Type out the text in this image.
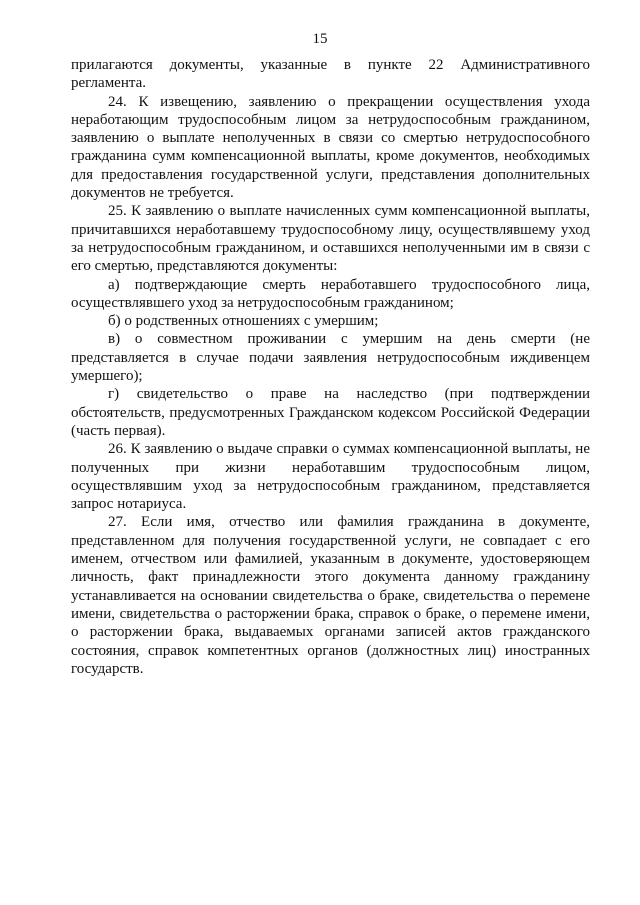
15

прилагаются документы, указанные в пункте 22 Административного регламента.

24. К извещению, заявлению о прекращении осуществления ухода неработающим трудоспособным лицом за нетрудоспособным гражданином, заявлению о выплате неполученных в связи со смертью нетрудоспособного гражданина сумм компенсационной выплаты, кроме документов, необходимых для предоставления государственной услуги, представления дополнительных документов не требуется.

25. К заявлению о выплате начисленных сумм компенсационной выплаты, причитавшихся неработавшему трудоспособному лицу, осуществлявшему уход за нетрудоспособным гражданином, и оставшихся неполученными им в связи с его смертью, представляются документы:

а) подтверждающие смерть неработавшего трудоспособного лица, осуществлявшего уход за нетрудоспособным гражданином;

б) о родственных отношениях с умершим;

в) о совместном проживании с умершим на день смерти (не представляется в случае подачи заявления нетрудоспособным иждивенцем умершего);

г) свидетельство о праве на наследство (при подтверждении обстоятельств, предусмотренных Гражданском кодексом Российской Федерации (часть первая).

26. К заявлению о выдаче справки о суммах компенсационной выплаты, не полученных при жизни неработавшим трудоспособным лицом, осуществлявшим уход за нетрудоспособным гражданином, представляется запрос нотариуса.

27. Если имя, отчество или фамилия гражданина в документе, представленном для получения государственной услуги, не совпадает с его именем, отчеством или фамилией, указанным в документе, удостоверяющем личность, факт принадлежности этого документа данному гражданину устанавливается на основании свидетельства о браке, свидетельства о перемене имени, свидетельства о расторжении брака, справок о браке, о перемене имени, о расторжении брака, выдаваемых органами записей актов гражданского состояния, справок компетентных органов (должностных лиц) иностранных государств.
